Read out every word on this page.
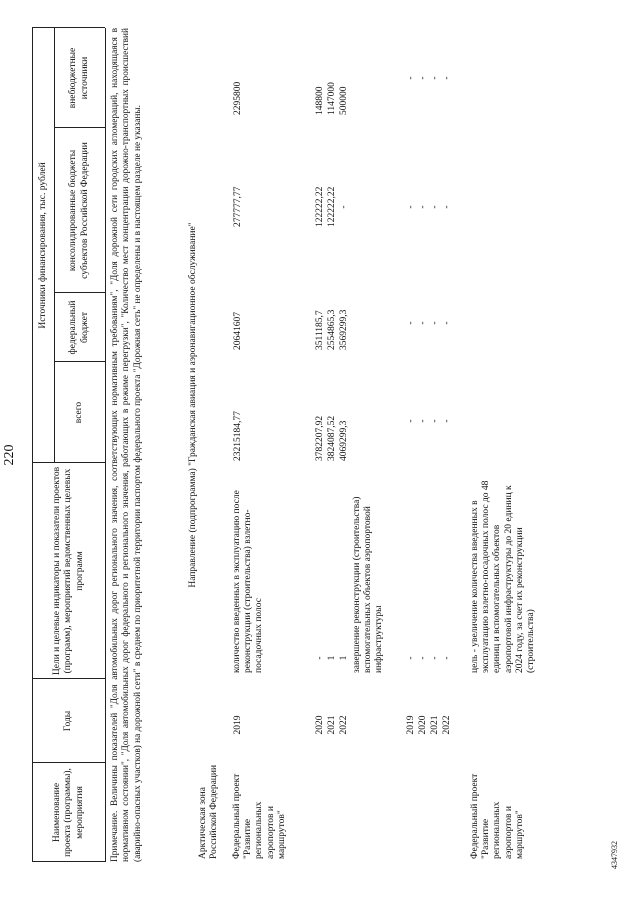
220
Наименование проекта (программы), мероприятия
Годы
Цели и целевые индикаторы и показатели проектов (программ), мероприятий ведомственных целевых программ
Источники финансирования, тыс. рублей
всего
федеральный бюджет
консолидированные бюджеты субъектов Российской Федерации
внебюджетные источники	Примечание. Величины показателей "Доля автомобильных дорог регионального значения, соответствующих нормативным требованиям", "Доля дорожной сети городских агломераций, находящаяся в нормативном состоянии", "Доля автомобильных дорог федерального и регионального значения, работающих в режиме перегрузки", "Количество мест концентрации дорожно-транспортных происшествий (аварийно-опасных участков) на дорожной сети" в среднем по приоритетной территории паспортом федерального проекта "Дорожная сеть" не определены и в настоящем разделе не указаны.	Направление (подпрограмма) "Гражданская авиация и аэронавигационное обслуживание"
Арктическая зона Российской Федерации Федеральный проект "Развитие региональных аэропортов и маршрутов"
количество введенных в эксплуатацию после реконструкции (строительства) взлетно-посадочных полос
2019
23215184,77
20641607
277777,77
2295800
2020
-
3782207,92
3511185,7
122222,22
148800
2021
1
3824087,52
2554865,3
122222,22
1147000
2022
1
4069299,3
3569299,3
-
500000
завершение реконструкции (строительства) вспомогательных объектов аэропортовой инфраструктуры
2019
-
-
-
-
-
2020
-
-
-
-
-
2021
-
-
-
-
-
2022
-
-
-
-
-
Федеральный проект "Развитие региональных аэропортов и маршрутов"
цель - увеличение количества введенных в эксплуатацию взлетно-посадочных полос до 48 единиц и вспомогательных объектов аэропортовой инфраструктуры до 20 единиц к 2024 году, за счет их реконструкции (строительства)
4347932
